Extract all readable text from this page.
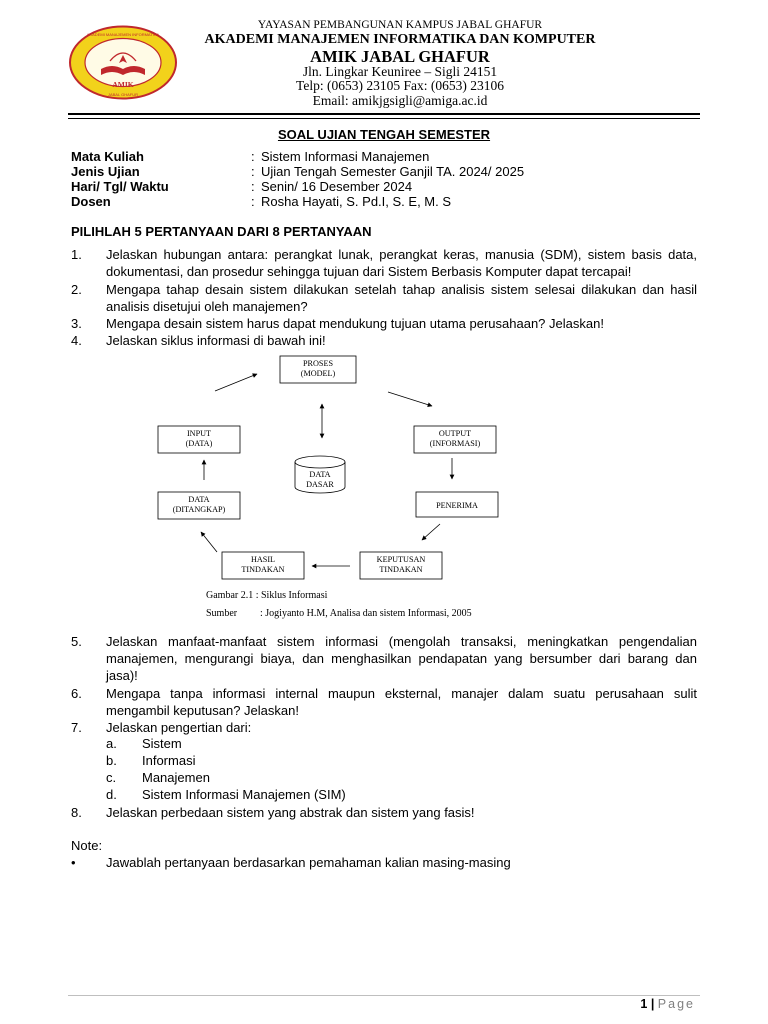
AKADEMI MANAJEMEN INFORMATIKA
JABAL GHAFUR
AMIK
YAYASAN PEMBANGUNAN KAMPUS JABAL GHAFUR
AKADEMI MANAJEMEN INFORMATIKA DAN KOMPUTER
AMIK JABAL GHAFUR
Jln. Lingkar Keuniree – Sigli 24151
Telp: (0653) 23105 Fax: (0653) 23106
Email: amikjgsigli@amiga.ac.id
SOAL UJIAN TENGAH SEMESTER
Mata Kuliah	: Sistem Informasi Manajemen
Jenis Ujian	: Ujian Tengah Semester Ganjil TA. 2024/ 2025
Hari/ Tgl/ Waktu	: Senin/ 16 Desember 2024
Dosen	: Rosha Hayati, S. Pd.I, S. E, M. S
PILIHLAH 5 PERTANYAAN DARI 8 PERTANYAAN
1. Jelaskan hubungan antara: perangkat lunak, perangkat keras, manusia (SDM), sistem basis data, dokumentasi, dan prosedur sehingga tujuan dari Sistem Berbasis Komputer dapat tercapai!
2. Mengapa tahap desain sistem dilakukan setelah tahap analisis sistem selesai dilakukan dan hasil analisis disetujui oleh manajemen?
3. Mengapa desain sistem harus dapat mendukung tujuan utama perusahaan? Jelaskan!
4. Jelaskan siklus informasi di bawah ini!
PROSES
(MODEL)
INPUT
(DATA)
OUTPUT
(INFORMASI)
DATA
DASAR
DATA
(DITANGKAP)	PENERIMA
HASIL
TINDAKAN
KEPUTUSAN
TINDAKAN
Gambar 2.1 : Siklus Informasi
Sumber : Jogiyanto H.M, Analisa dan sistem Informasi, 2005
5. Jelaskan manfaat-manfaat sistem informasi (mengolah transaksi, meningkatkan pengendalian manajemen, mengurangi biaya, dan menghasilkan pendapatan yang bersumber dari barang dan jasa)!
6. Mengapa tanpa informasi internal maupun eksternal, manajer dalam suatu perusahaan sulit mengambil keputusan? Jelaskan!
7. Jelaskan pengertian dari:
a. Sistem
b. Informasi
c. Manajemen
d. Sistem Informasi Manajemen (SIM)
8. Jelaskan perbedaan sistem yang abstrak dan sistem yang fasis!
Note:
• Jawablah pertanyaan berdasarkan pemahaman kalian masing-masing
1 | Page
